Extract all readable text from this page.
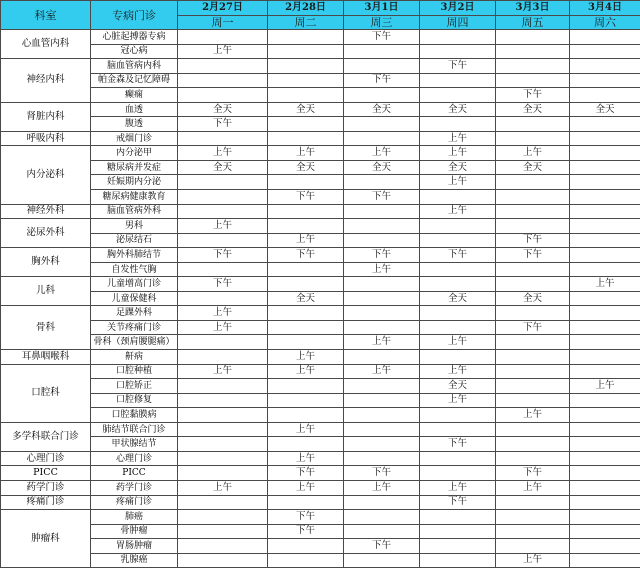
科室	专病门诊	2月27日	2月28日	3月1日	3月2日	3月3日	3月4日
		周一	周二	周三	周四	周五	周六
心血管内科	心脏起搏器专病			下午			
	冠心病	上午					
神经内科	脑血管病内科				下午		
	帕金森及记忆障碍			下午			
	癫痫					下午	
肾脏内科	血透	全天	全天	全天	全天	全天	全天
	腹透	下午					
呼吸内科	戒烟门诊				上午		
内分泌科	内分泌甲	上午	上午	上午	上午	上午	
	糖尿病并发症	全天	全天	全天	全天	全天	
	妊娠期内分泌				上午		
	糖尿病健康教育		下午	下午			
神经外科	脑血管病外科				上午		
泌尿外科	男科	上午					
	泌尿结石		上午			下午	
胸外科	胸外科肺结节	下午	下午	下午	下午	下午	
	自发性气胸			上午			
儿科	儿童增高门诊	下午					上午
	儿童保健科		全天		全天	全天	
骨科	足踝外科	上午					
	关节疼痛门诊	上午				下午	
	骨科（颈肩腰腿痛）			上午	上午		
耳鼻咽喉科	鼾病		上午				
口腔科	口腔种植	上午	上午	上午	上午		
	口腔矫正				全天		上午
	口腔修复				上午		
	口腔黏膜病					上午	
多学科联合门诊	肺结节联合门诊		上午				
	甲状腺结节				下午		
心理门诊	心理门诊		上午				
PICC	PICC		下午	下午		下午	
药学门诊	药学门诊	上午	上午	上午	上午	上午	
疼痛门诊	疼痛门诊				下午		
肿瘤科	肺癌		下午				
	骨肿瘤		下午				
	胃肠肿瘤			下午			
	乳腺癌					上午	
